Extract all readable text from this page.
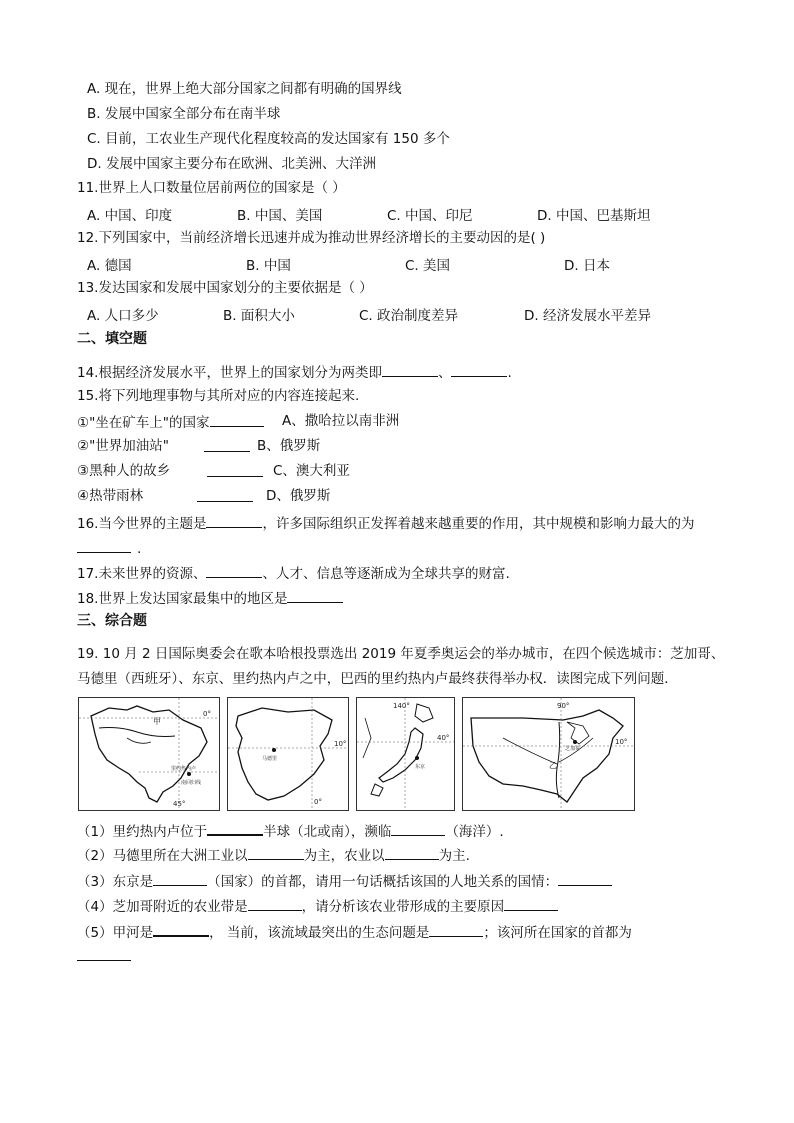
A. 现在，世界上绝大部分国家之间都有明确的国界线
B. 发展中国家全部分布在南半球
C. 目前，工农业生产现代化程度较高的发达国家有 150 多个
D. 发展中国家主要分布在欧洲、北美洲、大洋洲
11.世界上人口数量位居前两位的国家是（ ）
A. 中国、印度	B. 中国、美国	C. 中国、印尼	D. 中国、巴基斯坦
12.下列国家中，当前经济增长迅速并成为推动世界经济增长的主要动因的是( )
A. 德国	B. 中国	C. 美国	D. 日本
13.发达国家和发展中国家划分的主要依据是（ ）
A. 人口多少	B. 面积大小	C. 政治制度差异	D. 经济发展水平差异
二、填空题
14.根据经济发展水平，世界上的国家划分为两类即	、	.
15.将下列地理事物与其所对应的内容连接起来.
①"坐在矿车上"的国家	A、撒哈拉以南非洲
②"世界加油站"	B、俄罗斯
③黑种人的故乡	C、澳大利亚
④热带雨林	D、俄罗斯
16.当今世界的主题是	，许多国际组织正发挥着越来越重要的作用，其中规模和影响力最大的为
.
17.未来世界的资源、	、人才、信息等逐渐成为全球共享的财富.
18.世界上发达国家最集中的地区是
三、综合题
19. 10 月 2 日国际奥委会在歌本哈根投票选出 2019 年夏季奥运会的举办城市，在四个候选城市：芝加哥、
马德里（西班牙）、东京、里约热内卢之中，巴西的里约热内卢最终获得举办权．读图完成下列问题．
甲
里约热内卢
南回归线
0°
45°
马德里
10°
0°
东京
140°
40°
芝加哥
乙
90°
10°
（1）里约热内卢位于	半球（北或南），濒临	（海洋）.
（2）马德里所在大洲工业以	为主，农业以	为主.
（3）东京是	（国家）的首都，请用一句话概括该国的人地关系的国情：
（4）芝加哥附近的农业带是	，请分析该农业带形成的主要原因
（5）甲河是	， 当前，该流域最突出的生态问题是	；该河所在国家的首都为
